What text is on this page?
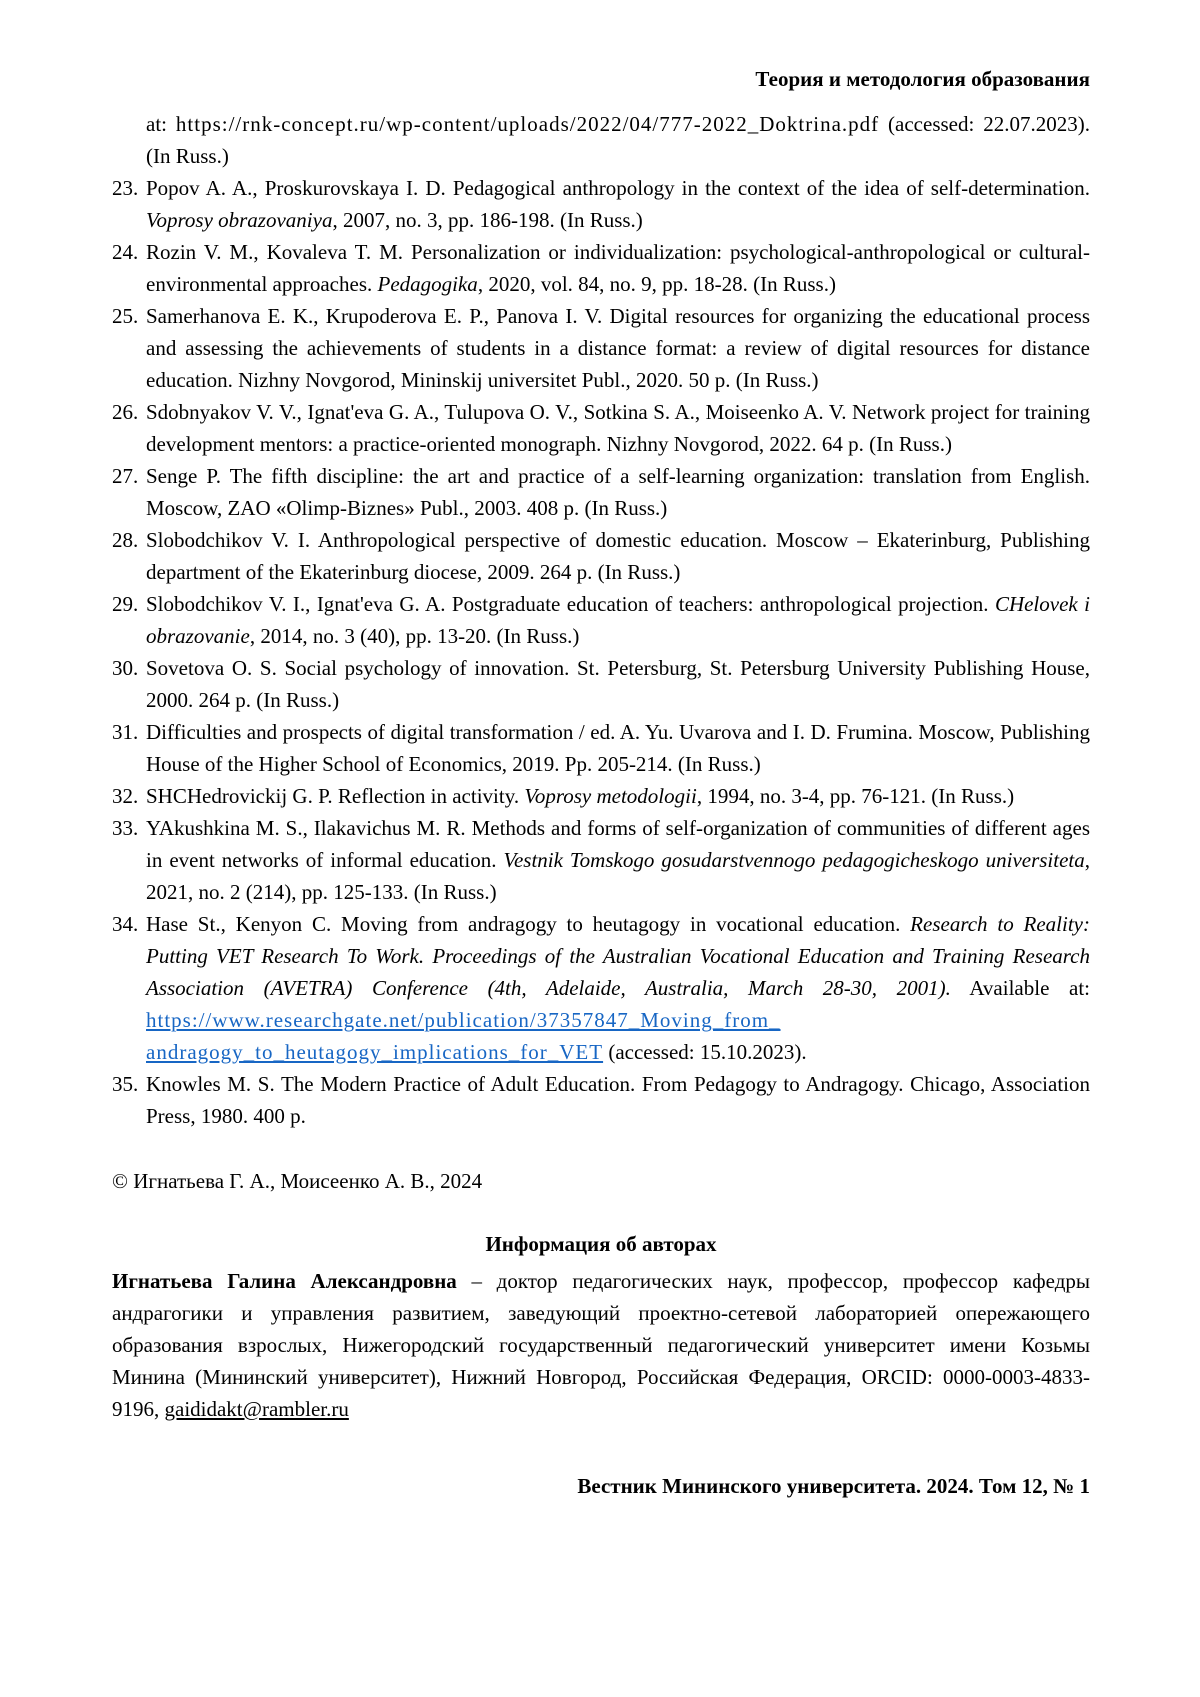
Теория и методология образования
at: https://rnk-concept.ru/wp-content/uploads/2022/04/777-2022_Doktrina.pdf (accessed: 22.07.2023). (In Russ.)
23. Popov A. A., Proskurovskaya I. D. Pedagogical anthropology in the context of the idea of self-determination. Voprosy obrazovaniya, 2007, no. 3, pp. 186-198. (In Russ.)
24. Rozin V. M., Kovaleva T. M. Personalization or individualization: psychological-anthropological or cultural-environmental approaches. Pedagogika, 2020, vol. 84, no. 9, pp. 18-28. (In Russ.)
25. Samerhanova E. K., Krupoderova E. P., Panova I. V. Digital resources for organizing the educational process and assessing the achievements of students in a distance format: a review of digital resources for distance education. Nizhny Novgorod, Mininskij universitet Publ., 2020. 50 p. (In Russ.)
26. Sdobnyakov V. V., Ignat'eva G. A., Tulupova O. V., Sotkina S. A., Moiseenko A. V. Network project for training development mentors: a practice-oriented monograph. Nizhny Novgorod, 2022. 64 p. (In Russ.)
27. Senge P. The fifth discipline: the art and practice of a self-learning organization: translation from English. Moscow, ZAO «Olimp-Biznes» Publ., 2003. 408 p. (In Russ.)
28. Slobodchikov V. I. Anthropological perspective of domestic education. Moscow – Ekaterinburg, Publishing department of the Ekaterinburg diocese, 2009. 264 p. (In Russ.)
29. Slobodchikov V. I., Ignat'eva G. A. Postgraduate education of teachers: anthropological projection. CHelovek i obrazovanie, 2014, no. 3 (40), pp. 13-20. (In Russ.)
30. Sovetova O. S. Social psychology of innovation. St. Petersburg, St. Petersburg University Publishing House, 2000. 264 p. (In Russ.)
31. Difficulties and prospects of digital transformation / ed. A. Yu. Uvarova and I. D. Frumina. Moscow, Publishing House of the Higher School of Economics, 2019. Pp. 205-214. (In Russ.)
32. SHCHedrovickij G. P. Reflection in activity. Voprosy metodologii, 1994, no. 3-4, pp. 76-121. (In Russ.)
33. YAkushkina M. S., Ilakavichus M. R. Methods and forms of self-organization of communities of different ages in event networks of informal education. Vestnik Tomskogo gosudarstvennogo pedagogicheskogo universiteta, 2021, no. 2 (214), pp. 125-133. (In Russ.)
34. Hase St., Kenyon C. Moving from andragogy to heutagogy in vocational education. Research to Reality: Putting VET Research To Work. Proceedings of the Australian Vocational Education and Training Research Association (AVETRA) Conference (4th, Adelaide, Australia, March 28-30, 2001). Available at: https://www.researchgate.net/publication/37357847_Moving_from_​andragogy_to_heutagogy_implications_for_VET (accessed: 15.10.2023).
35. Knowles M. S. The Modern Practice of Adult Education. From Pedagogy to Andragogy. Chicago, Association Press, 1980. 400 p.
© Игнатьева Г. А., Моисеенко А. В., 2024
Информация об авторах
Игнатьева Галина Александровна – доктор педагогических наук, профессор, профессор кафедры андрагогики и управления развитием, заведующий проектно-сетевой лабораторией опережающего образования взрослых, Нижегородский государственный педагогический университет имени Козьмы Минина (Мининский университет), Нижний Новгород, Российская Федерация, ORCID: 0000-0003-4833-9196, gaididakt@rambler.ru
Вестник Мининского университета. 2024. Том 12, № 1
